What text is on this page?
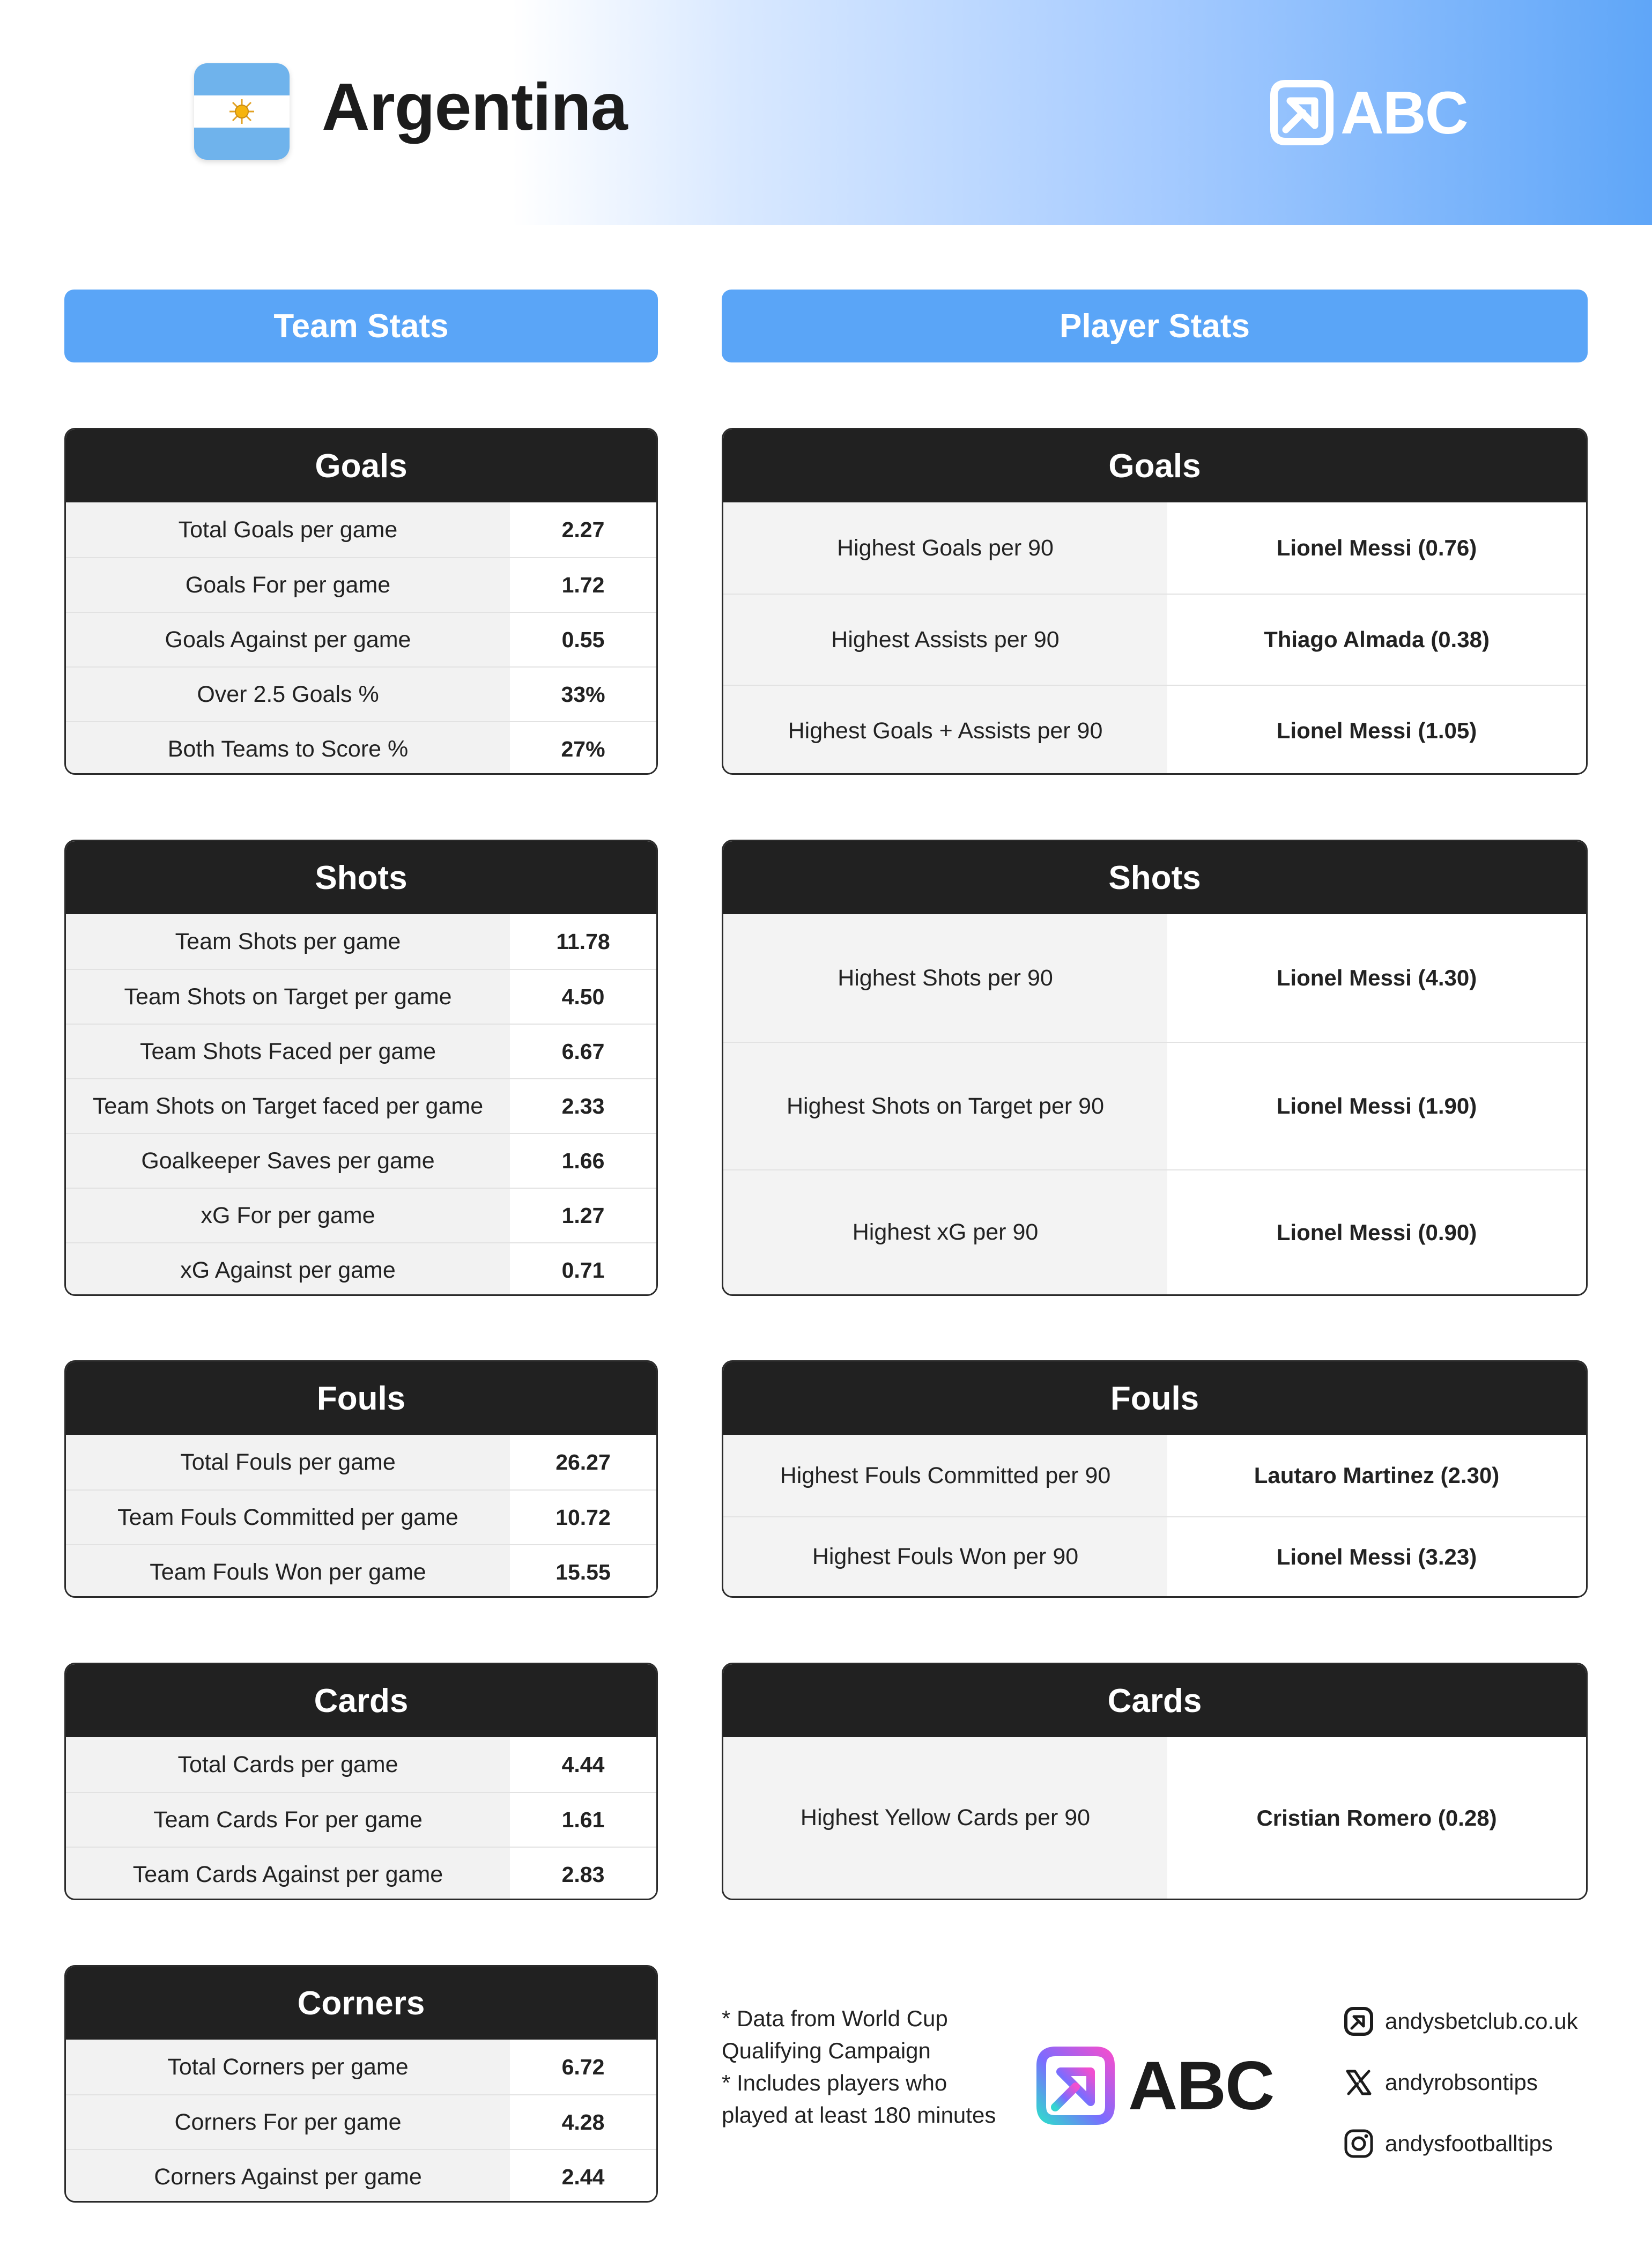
Argentina	ABC
Team Stats	Player Stats
Goals
Total Goals per game	2.27
Goals For per game	1.72
Goals Against per game	0.55
Over 2.5 Goals %	33%
Both Teams to Score %	27%
Shots
Team Shots per game	11.78
Team Shots on Target per game	4.50
Team Shots Faced per game	6.67
Team Shots on Target faced per game	2.33
Goalkeeper Saves per game	1.66
xG For per game	1.27
xG Against per game	0.71
Fouls
Total Fouls per game	26.27
Team Fouls Committed per game	10.72
Team Fouls Won per game	15.55
Cards
Total Cards per game	4.44
Team Cards For per game	1.61
Team Cards Against per game	2.83
Corners
Total Corners per game	6.72
Corners For per game	4.28
Corners Against per game	2.44
Goals
Highest Goals per 90	Lionel Messi (0.76)
Highest Assists per 90	Thiago Almada (0.38)
Highest Goals + Assists per 90	Lionel Messi (1.05)
Shots
Highest Shots per 90	Lionel Messi (4.30)
Highest Shots on Target per 90	Lionel Messi (1.90)
Highest xG per 90	Lionel Messi (0.90)
Fouls
Highest Fouls Committed per 90	Lautaro Martinez (2.30)
Highest Fouls Won per 90	Lionel Messi (3.23)
Cards
Highest Yellow Cards per 90	Cristian Romero (0.28)
* Data from World Cup Qualifying Campaign
* Includes players who played at least 180 minutes ABC
andysbetclub.co.uk
andyrobsontips
andysfootballtips
